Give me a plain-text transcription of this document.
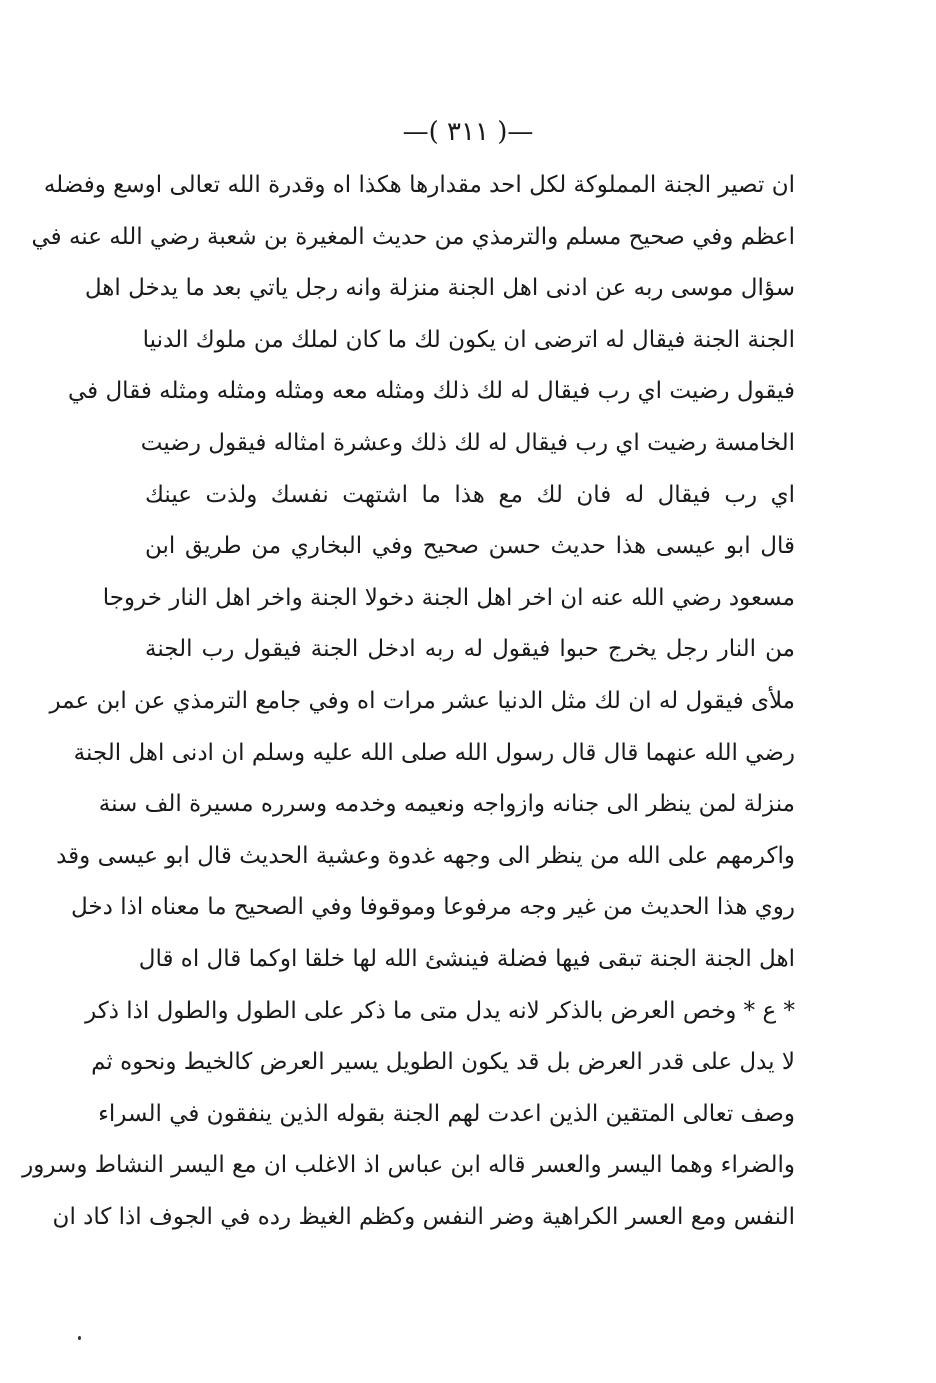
—( ٣١١ )—
ان تصير الجنة المملوكة لكل احد مقدارها هكذا اه وقدرة الله تعالى اوسع وفضله
اعظم وفي صحيح مسلم والترمذي من حديث المغيرة بن شعبة رضي الله عنه في
سؤال موسى ربه عن ادنى اهل الجنة منزلة وانه رجل ياتي بعد ما يدخل اهل
الجنة الجنة فيقال له اترضى ان يكون لك ما كان لملك من ملوك الدنيا
فيقول رضيت اي رب فيقال له لك ذلك ومثله معه ومثله ومثله ومثله فقال في
الخامسة رضيت اي رب فيقال له لك ذلك وعشرة امثاله فيقول رضيت
اي رب فيقال له فان لك مع هذا ما اشتهت نفسك ولذت عينك
قال ابو عيسى هذا حديث حسن صحيح وفي البخاري من طريق ابن
مسعود رضي الله عنه ان اخر اهل الجنة دخولا الجنة واخر اهل النار خروجا
من النار رجل يخرج حبوا فيقول له ربه ادخل الجنة فيقول رب الجنة
ملأى فيقول له ان لك مثل الدنيا عشر مرات اه وفي جامع الترمذي عن ابن عمر
رضي الله عنهما قال قال رسول الله صلى الله عليه وسلم ان ادنى اهل الجنة
منزلة لمن ينظر الى جنانه وازواجه ونعيمه وخدمه وسرره مسيرة الف سنة
واكرمهم على الله من ينظر الى وجهه غدوة وعشية الحديث قال ابو عيسى وقد
روي هذا الحديث من غير وجه مرفوعا وموقوفا وفي الصحيح ما معناه اذا دخل
اهل الجنة الجنة تبقى فيها فضلة فينشئ الله لها خلقا اوكما قال اه قال
* ع * وخص العرض بالذكر لانه يدل متى ما ذكر على الطول والطول اذا ذكر
لا يدل على قدر العرض بل قد يكون الطويل يسير العرض كالخيط ونحوه ثم
وصف تعالى المتقين الذين اعدت لهم الجنة بقوله الذين ينفقون في السراء
والضراء وهما اليسر والعسر قاله ابن عباس اذ الاغلب ان مع اليسر النشاط وسرور
النفس ومع العسر الكراهية وضر النفس وكظم الغيظ رده في الجوف اذا كاد ان
